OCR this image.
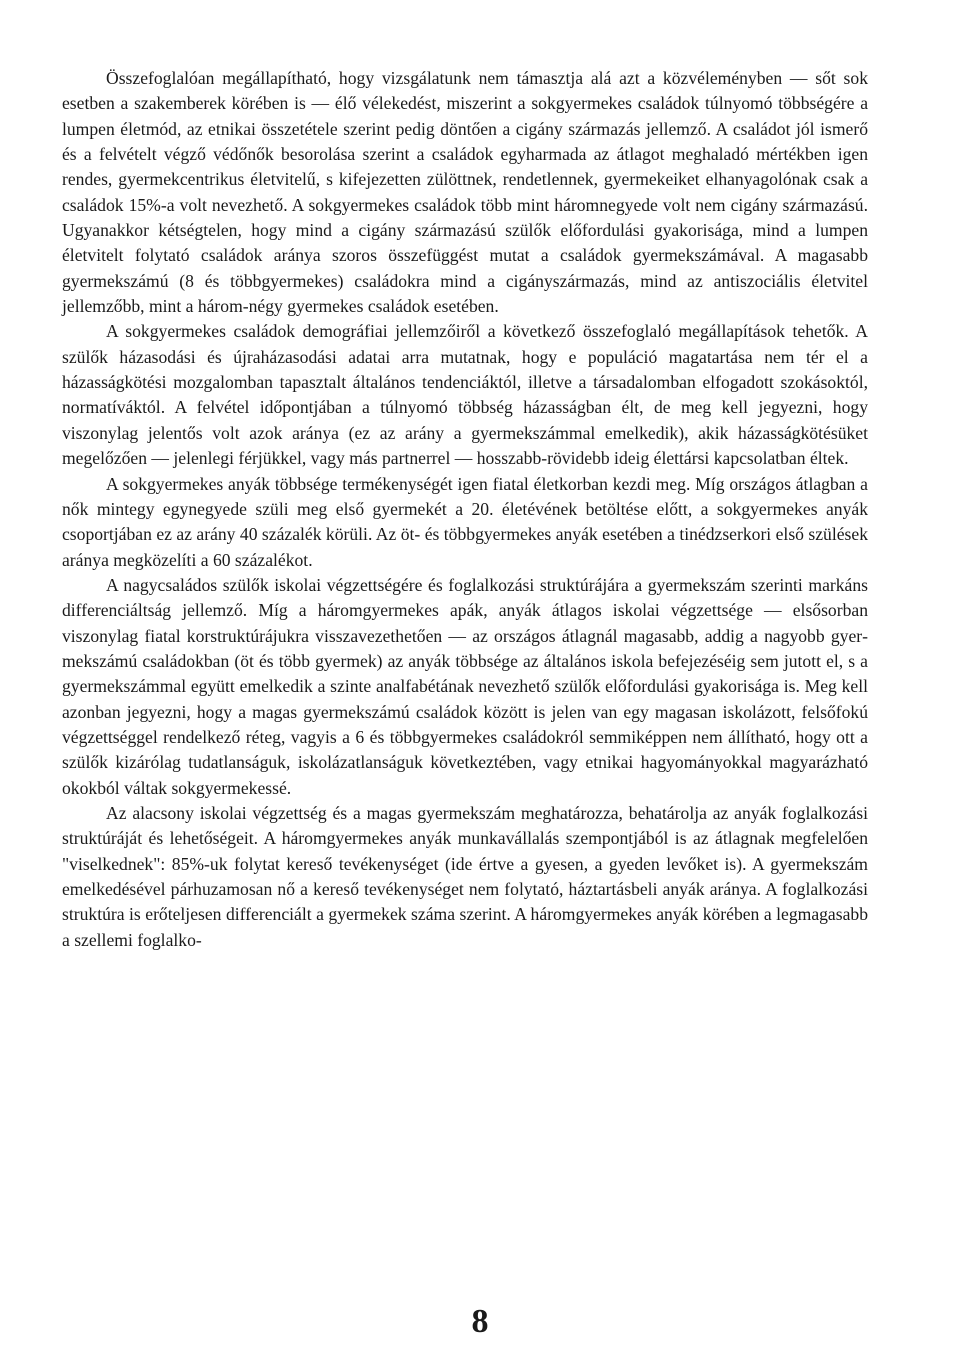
Összefoglalóan megállapítható, hogy vizsgálatunk nem támasztja alá azt a közvéleményben — sőt sok esetben a szakemberek körében is — élő vélekedést, miszerint a sokgyermekes családok túlnyomó többségére a lumpen életmód, az etnikai összetétele szerint pedig döntően a cigány származás jellemző. A családot jól ismerő és a felvételt végző védőnők besorolása szerint a családok egyharmada az átlagot meghaladó mértékben igen rendes, gyermekcentrikus életvitelű, s kifejezetten zülöttnek, rendetlennek, gyermekeiket elhanyagolónak csak a családok 15%-a volt nevezhető. A sokgyermekes családok több mint háromnegyede volt nem cigány származású. Ugyanakkor kétségtelen, hogy mind a cigány származású szülők előfordulási gyakorisága, mind a lumpen életvitelt folytató családok aránya szoros összefüggést mutat a családok gyermekszámával. A magasabb gyermekszámú (8 és többgyermekes) családokra mind a cigányszármazás, mind az antiszociális életvitel jellemzőbb, mint a három-négy gyermekes családok esetében.

A sokgyermekes családok demográfiai jellemzőiről a következő összefoglaló megállapítások tehetők. A szülők házasodási és újraházasodási adatai arra mutatnak, hogy e populáció magatartása nem tér el a házasságkötési mozgalomban tapasztalt általános tendenciáktól, illetve a társadalomban elfogadott szokásoktól, normatíváktól. A felvétel időpontjában a túlnyomó többség házasságban élt, de meg kell jegyezni, hogy viszonylag jelentős volt azok aránya (ez az arány a gyermekszámmal emelkedik), akik házasságkötésüket megelőzően — jelenlegi férjükkel, vagy más partnerrel — hosszabb-rövidebb ideig élettársi kapcsolatban éltek.

A sokgyermekes anyák többsége termékenységét igen fiatal életkorban kezdi meg. Míg országos átlagban a nők mintegy egynegyede szüli meg első gyermekét a 20. életévének betöltése előtt, a sokgyermekes anyák csoportjában ez az arány 40 százalék körüli. Az öt- és többgyermekes anyák esetében a tinédzserkori első szülések aránya megközelíti a 60 százalékot.

A nagycsaládos szülők iskolai végzettségére és foglalkozási struktúrájára a gyermekszám szerinti markáns differenciáltság jellemző. Míg a háromgyermekes apák, anyák átlagos iskolai végzettsége — elsősorban viszonylag fiatal korstruktúrájukra visszavezethetően — az országos átlagnál magasabb, addig a nagyobb gyermekszámú családokban (öt és több gyermek) az anyák többsége az általános iskola befejezéséig sem jutott el, s a gyermekszámmal együtt emelkedik a szinte analfabétának nevezhető szülők előfordulási gyakorisága is. Meg kell azonban jegyezni, hogy a magas gyermekszámú családok között is jelen van egy magasan iskolázott, felsőfokú végzettséggel rendelkező réteg, vagyis a 6 és többgyermekes családokról semmiképpen nem állítható, hogy ott a szülők kizárólag tudatlanságuk, iskolázatlanságuk következtében, vagy etnikai hagyományokkal magyarázható okokból váltak sokgyermekessé.

Az alacsony iskolai végzettség és a magas gyermekszám meghatározza, behatárolja az anyák foglalkozási struktúráját és lehetőségeit. A háromgyermekes anyák munkavállalás szempontjából is az átlagnak megfelelően "viselkednek": 85%-uk folytat kereső tevékenységet (ide értve a gyesen, a gyeden levőket is). A gyermekszám emelkedésével párhuzamosan nő a kereső tevékenységet nem folytató, háztartásbeli anyák aránya. A foglalkozási struktúra is erőteljesen differenciált a gyermekek száma szerint. A háromgyermekes anyák körében a legmagasabb a szellemi foglalko-

8
